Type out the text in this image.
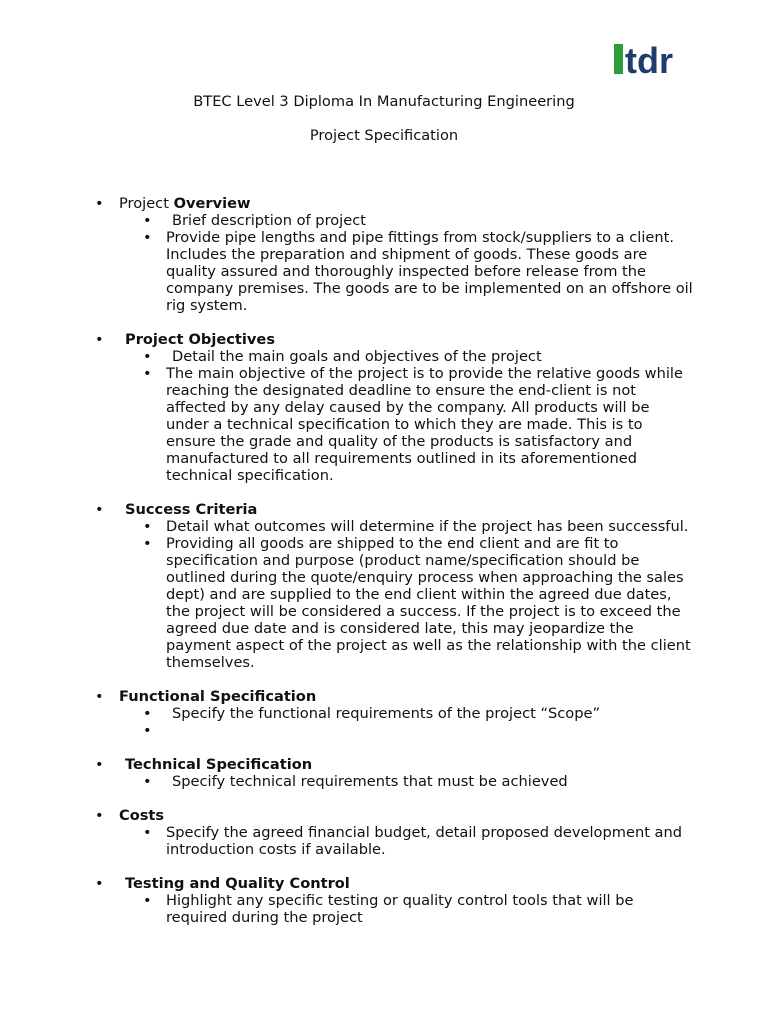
tdr
BTEC Level 3 Diploma In Manufacturing Engineering
Project Specification
• Project Overview
• Brief description of project
• Provide pipe lengths and pipe fittings from stock/suppliers to a client. Includes the preparation and shipment of goods. These goods are quality assured and thoroughly inspected before release from the company premises. The goods are to be implemented on an offshore oil rig system.
• Project Objectives
• Detail the main goals and objectives of the project
• The main objective of the project is to provide the relative goods while reaching the designated deadline to ensure the end-client is not affected by any delay caused by the company. All products will be under a technical specification to which they are made. This is to ensure the grade and quality of the products is satisfactory and manufactured to all requirements outlined in its aforementioned technical specification.
• Success Criteria
• Detail what outcomes will determine if the project has been successful.
• Providing all goods are shipped to the end client and are fit to specification and purpose (product name/specification should be outlined during the quote/enquiry process when approaching the sales dept) and are supplied to the end client within the agreed due dates, the project will be considered a success. If the project is to exceed the agreed due date and is considered late, this may jeopardize the payment aspect of the project as well as the relationship with the client themselves.
• Functional Specification
• Specify the functional requirements of the project “Scope”
•
• Technical Specification
• Specify technical requirements that must be achieved
• Costs
• Specify the agreed financial budget, detail proposed development and introduction costs if available.
• Testing and Quality Control
• Highlight any specific testing or quality control tools that will be required during the project
